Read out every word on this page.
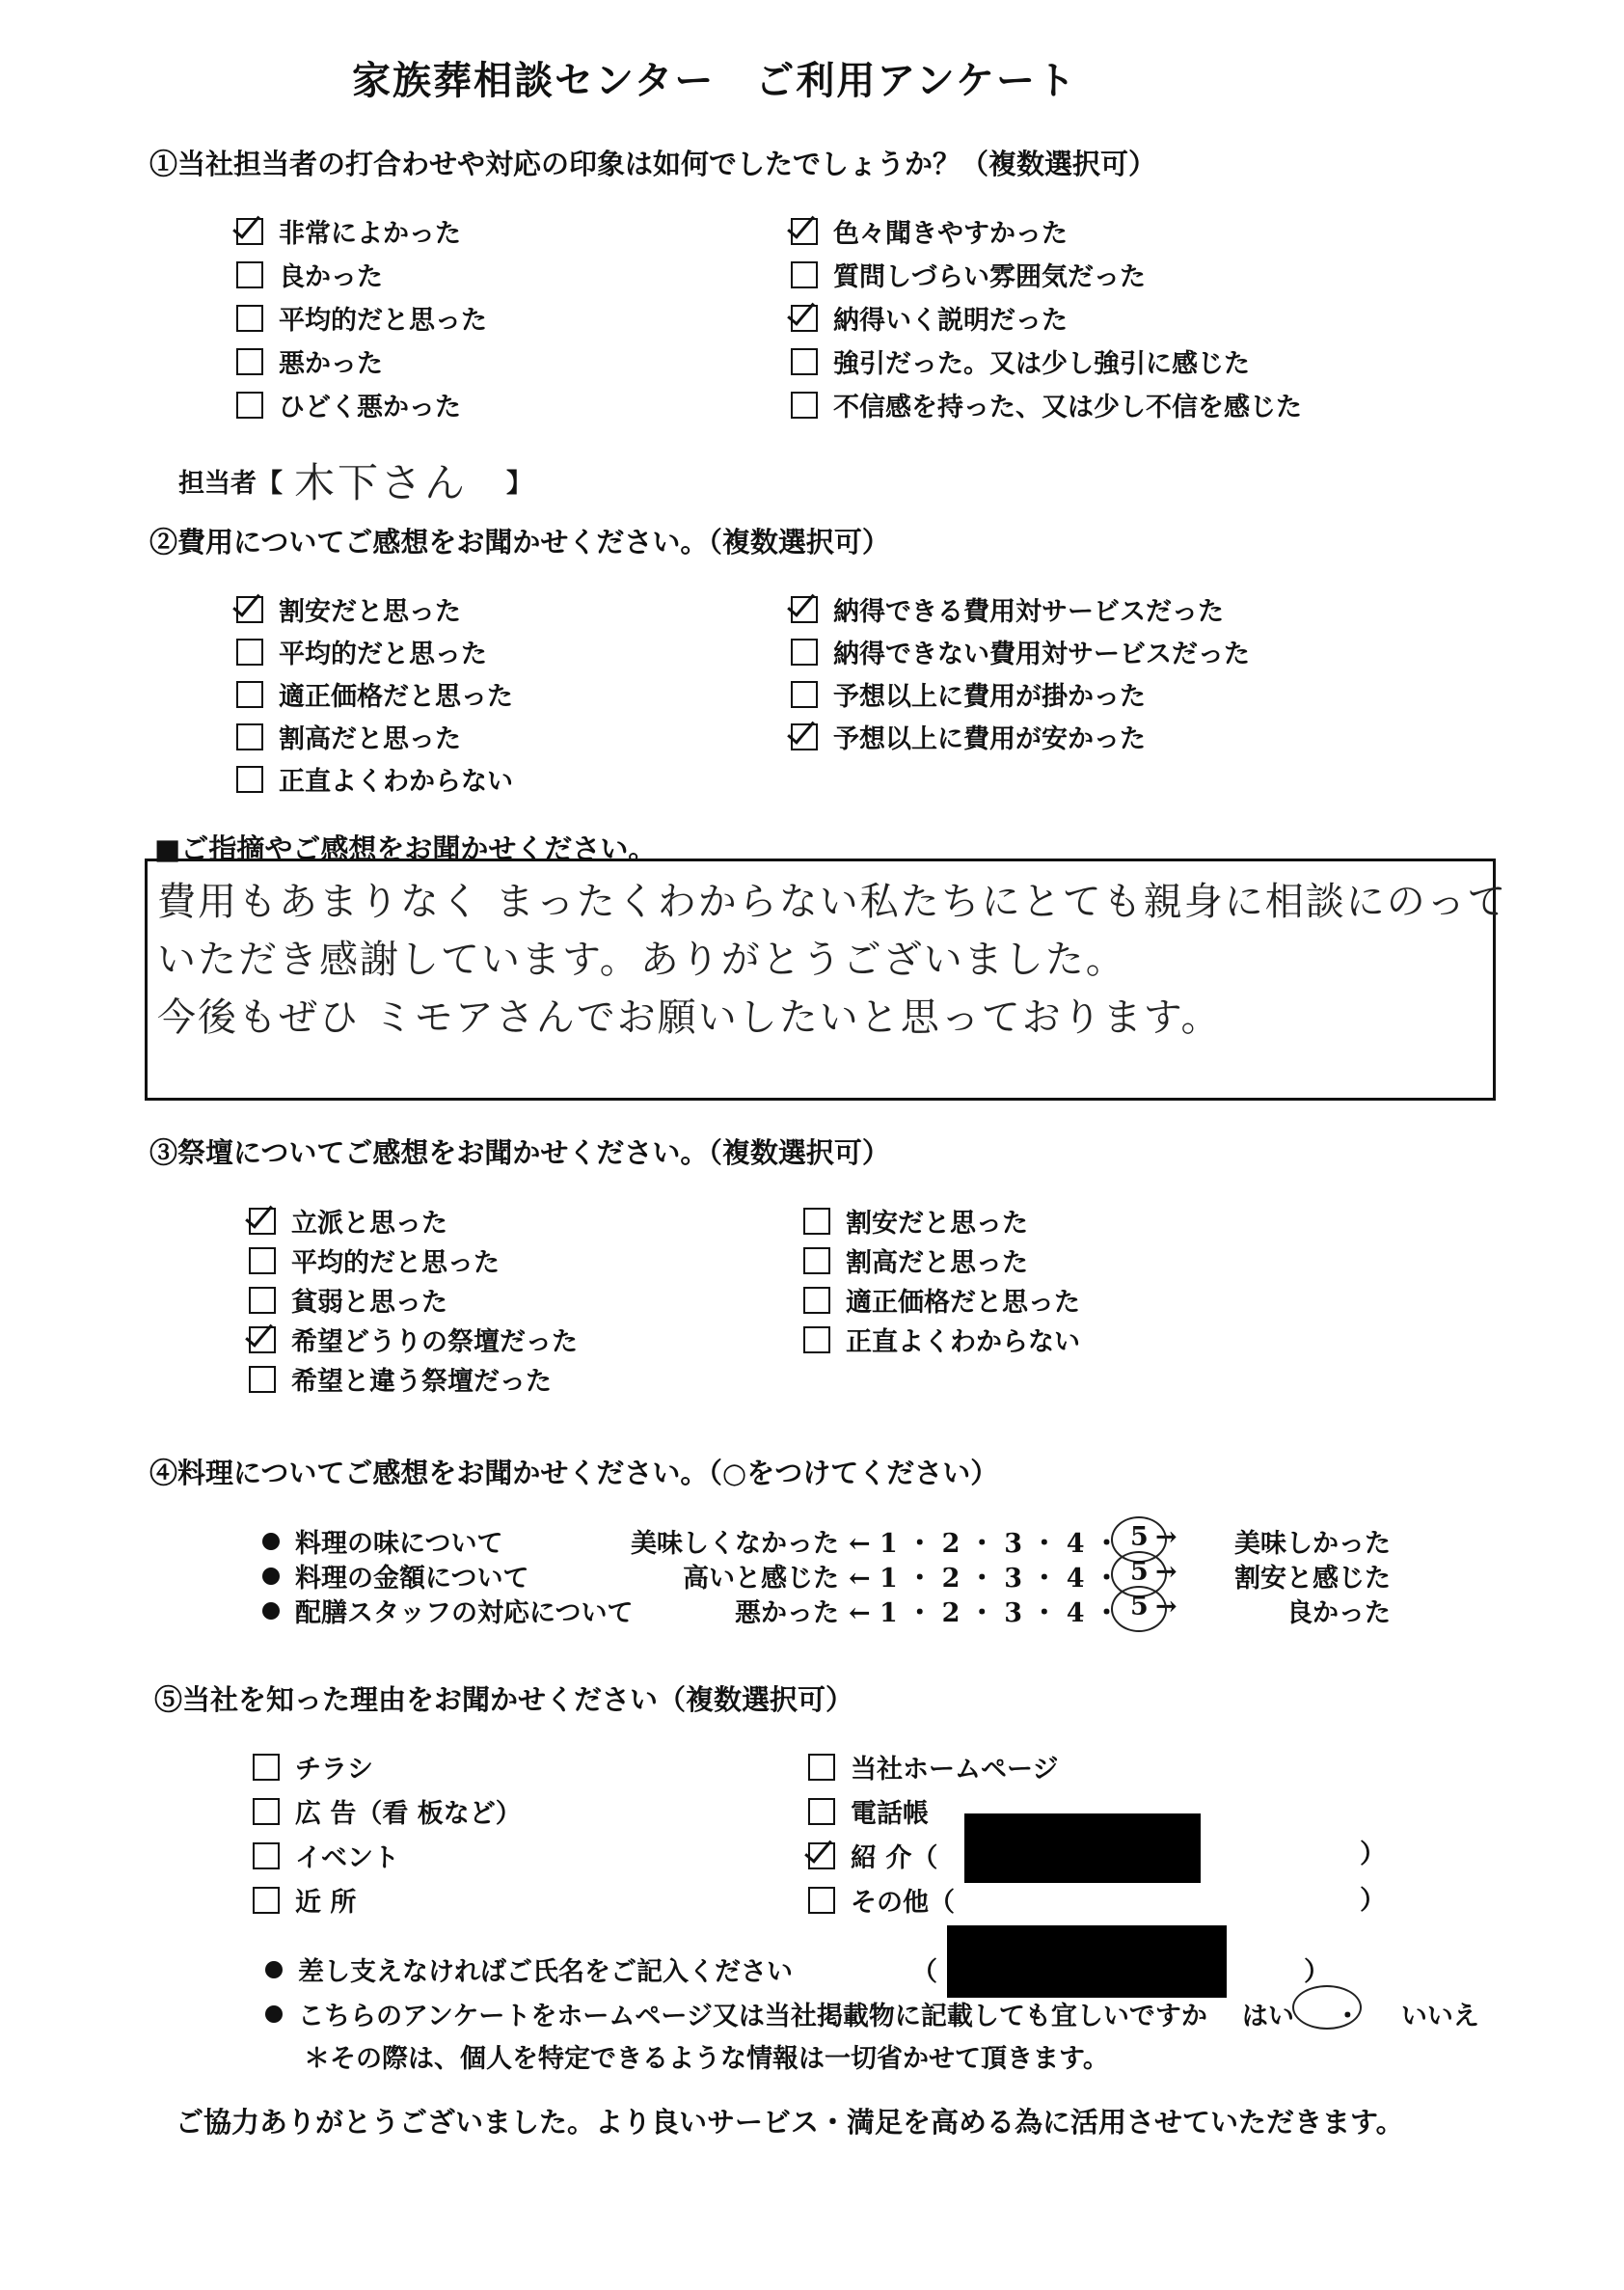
家族葬相談センター　ご利用アンケート
①当社担当者の打合わせや対応の印象は如何でしたでしょうか？（複数選択可）
非常によかった
良かった
平均的だと思った
悪かった
ひどく悪かった
色々聞きやすかった
質問しづらい雰囲気だった
納得いく説明だった
強引だった。又は少し強引に感じた
不信感を持った、又は少し不信を感じた
担当者【 木下さん 】
②費用についてご感想をお聞かせください。（複数選択可）
割安だと思った
平均的だと思った
適正価格だと思った
割高だと思った
正直よくわからない
納得できる費用対サービスだった
納得できない費用対サービスだった
予想以上に費用が掛かった
予想以上に費用が安かった
■ご指摘やご感想をお聞かせください。
費用もあまりなく まったくわからない私たちにとても親身に相談にのって
いただき感謝しています。ありがとうございました。
今後もぜひ ミモアさんでお願いしたいと思っております。
③祭壇についてご感想をお聞かせください。（複数選択可）
立派と思った
平均的だと思った
貧弱と思った
希望どうりの祭壇だった
希望と違う祭壇だった
割安だと思った
割高だと思った
適正価格だと思った
正直よくわからない
④料理についてご感想をお聞かせください。（○をつけてください）
料理の味について	美味しくなかった ← 1 ・ 2 ・ 3 ・ 4 ・ 5 → 美味しかった
料理の金額について	高いと感じた ← 1 ・ 2 ・ 3 ・ 4 ・ 5 → 割安と感じた
配膳スタッフの対応について	悪かった ← 1 ・ 2 ・ 3 ・ 4 ・ 5 →	良かった
⑤当社を知った理由をお聞かせください（複数選択可）
チラシ
広 告（看 板など）
イベント
近 所
当社ホームページ
電話帳
紹 介（
その他（
）
）
差し支えなければご氏名をご記入ください	（	）
こちらのアンケートをホームページ又は当社掲載物に記載しても宜しいですか はい ・ いいえ
＊その際は、個人を特定できるような情報は一切省かせて頂きます。
ご協力ありがとうございました。より良いサービス・満足を高める為に活用させていただきます。
